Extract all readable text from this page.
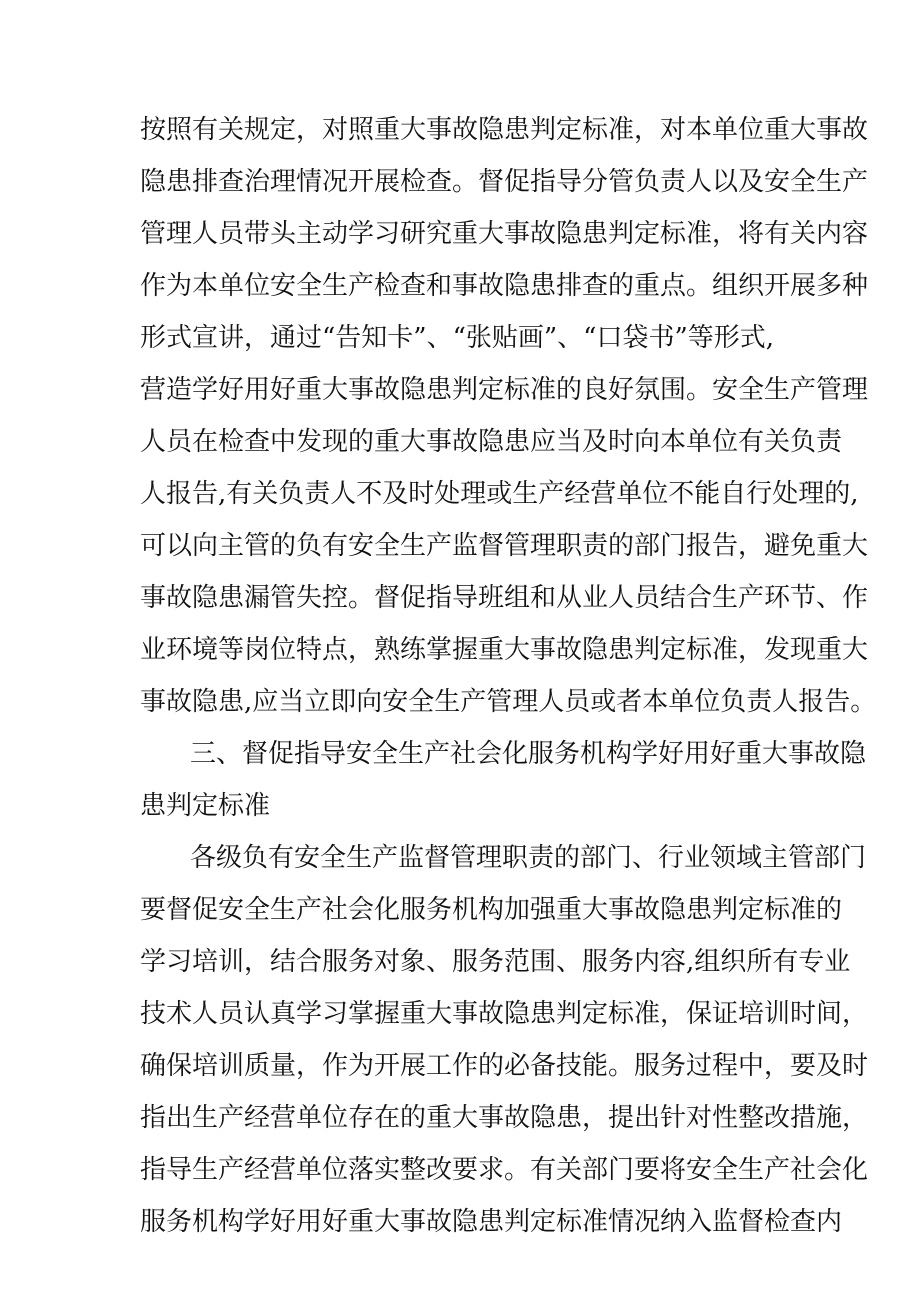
按照有关规定，对照重大事故隐患判定标准，对本单位重大事故
隐患排查治理情况开展检查。督促指导分管负责人以及安全生产
管理人员带头主动学习研究重大事故隐患判定标准，将有关内容
作为本单位安全生产检查和事故隐患排查的重点。组织开展多种
形式宣讲，通过“告知卡”、“张贴画”、“口袋书”等形式,
营造学好用好重大事故隐患判定标准的良好氛围。安全生产管理
人员在检查中发现的重大事故隐患应当及时向本单位有关负责
人报告,有关负责人不及时处理或生产经营单位不能自行处理的,
可以向主管的负有安全生产监督管理职责的部门报告，避免重大
事故隐患漏管失控。督促指导班组和从业人员结合生产环节、作
业环境等岗位特点，熟练掌握重大事故隐患判定标准，发现重大
事故隐患,应当立即向安全生产管理人员或者本单位负责人报告。
三、督促指导安全生产社会化服务机构学好用好重大事故隐
患判定标准
各级负有安全生产监督管理职责的部门、行业领域主管部门
要督促安全生产社会化服务机构加强重大事故隐患判定标准的
学习培训，结合服务对象、服务范围、服务内容,组织所有专业
技术人员认真学习掌握重大事故隐患判定标准，保证培训时间，
确保培训质量，作为开展工作的必备技能。服务过程中，要及时
指出生产经营单位存在的重大事故隐患，提出针对性整改措施，
指导生产经营单位落实整改要求。有关部门要将安全生产社会化
服务机构学好用好重大事故隐患判定标准情况纳入监督检查内
